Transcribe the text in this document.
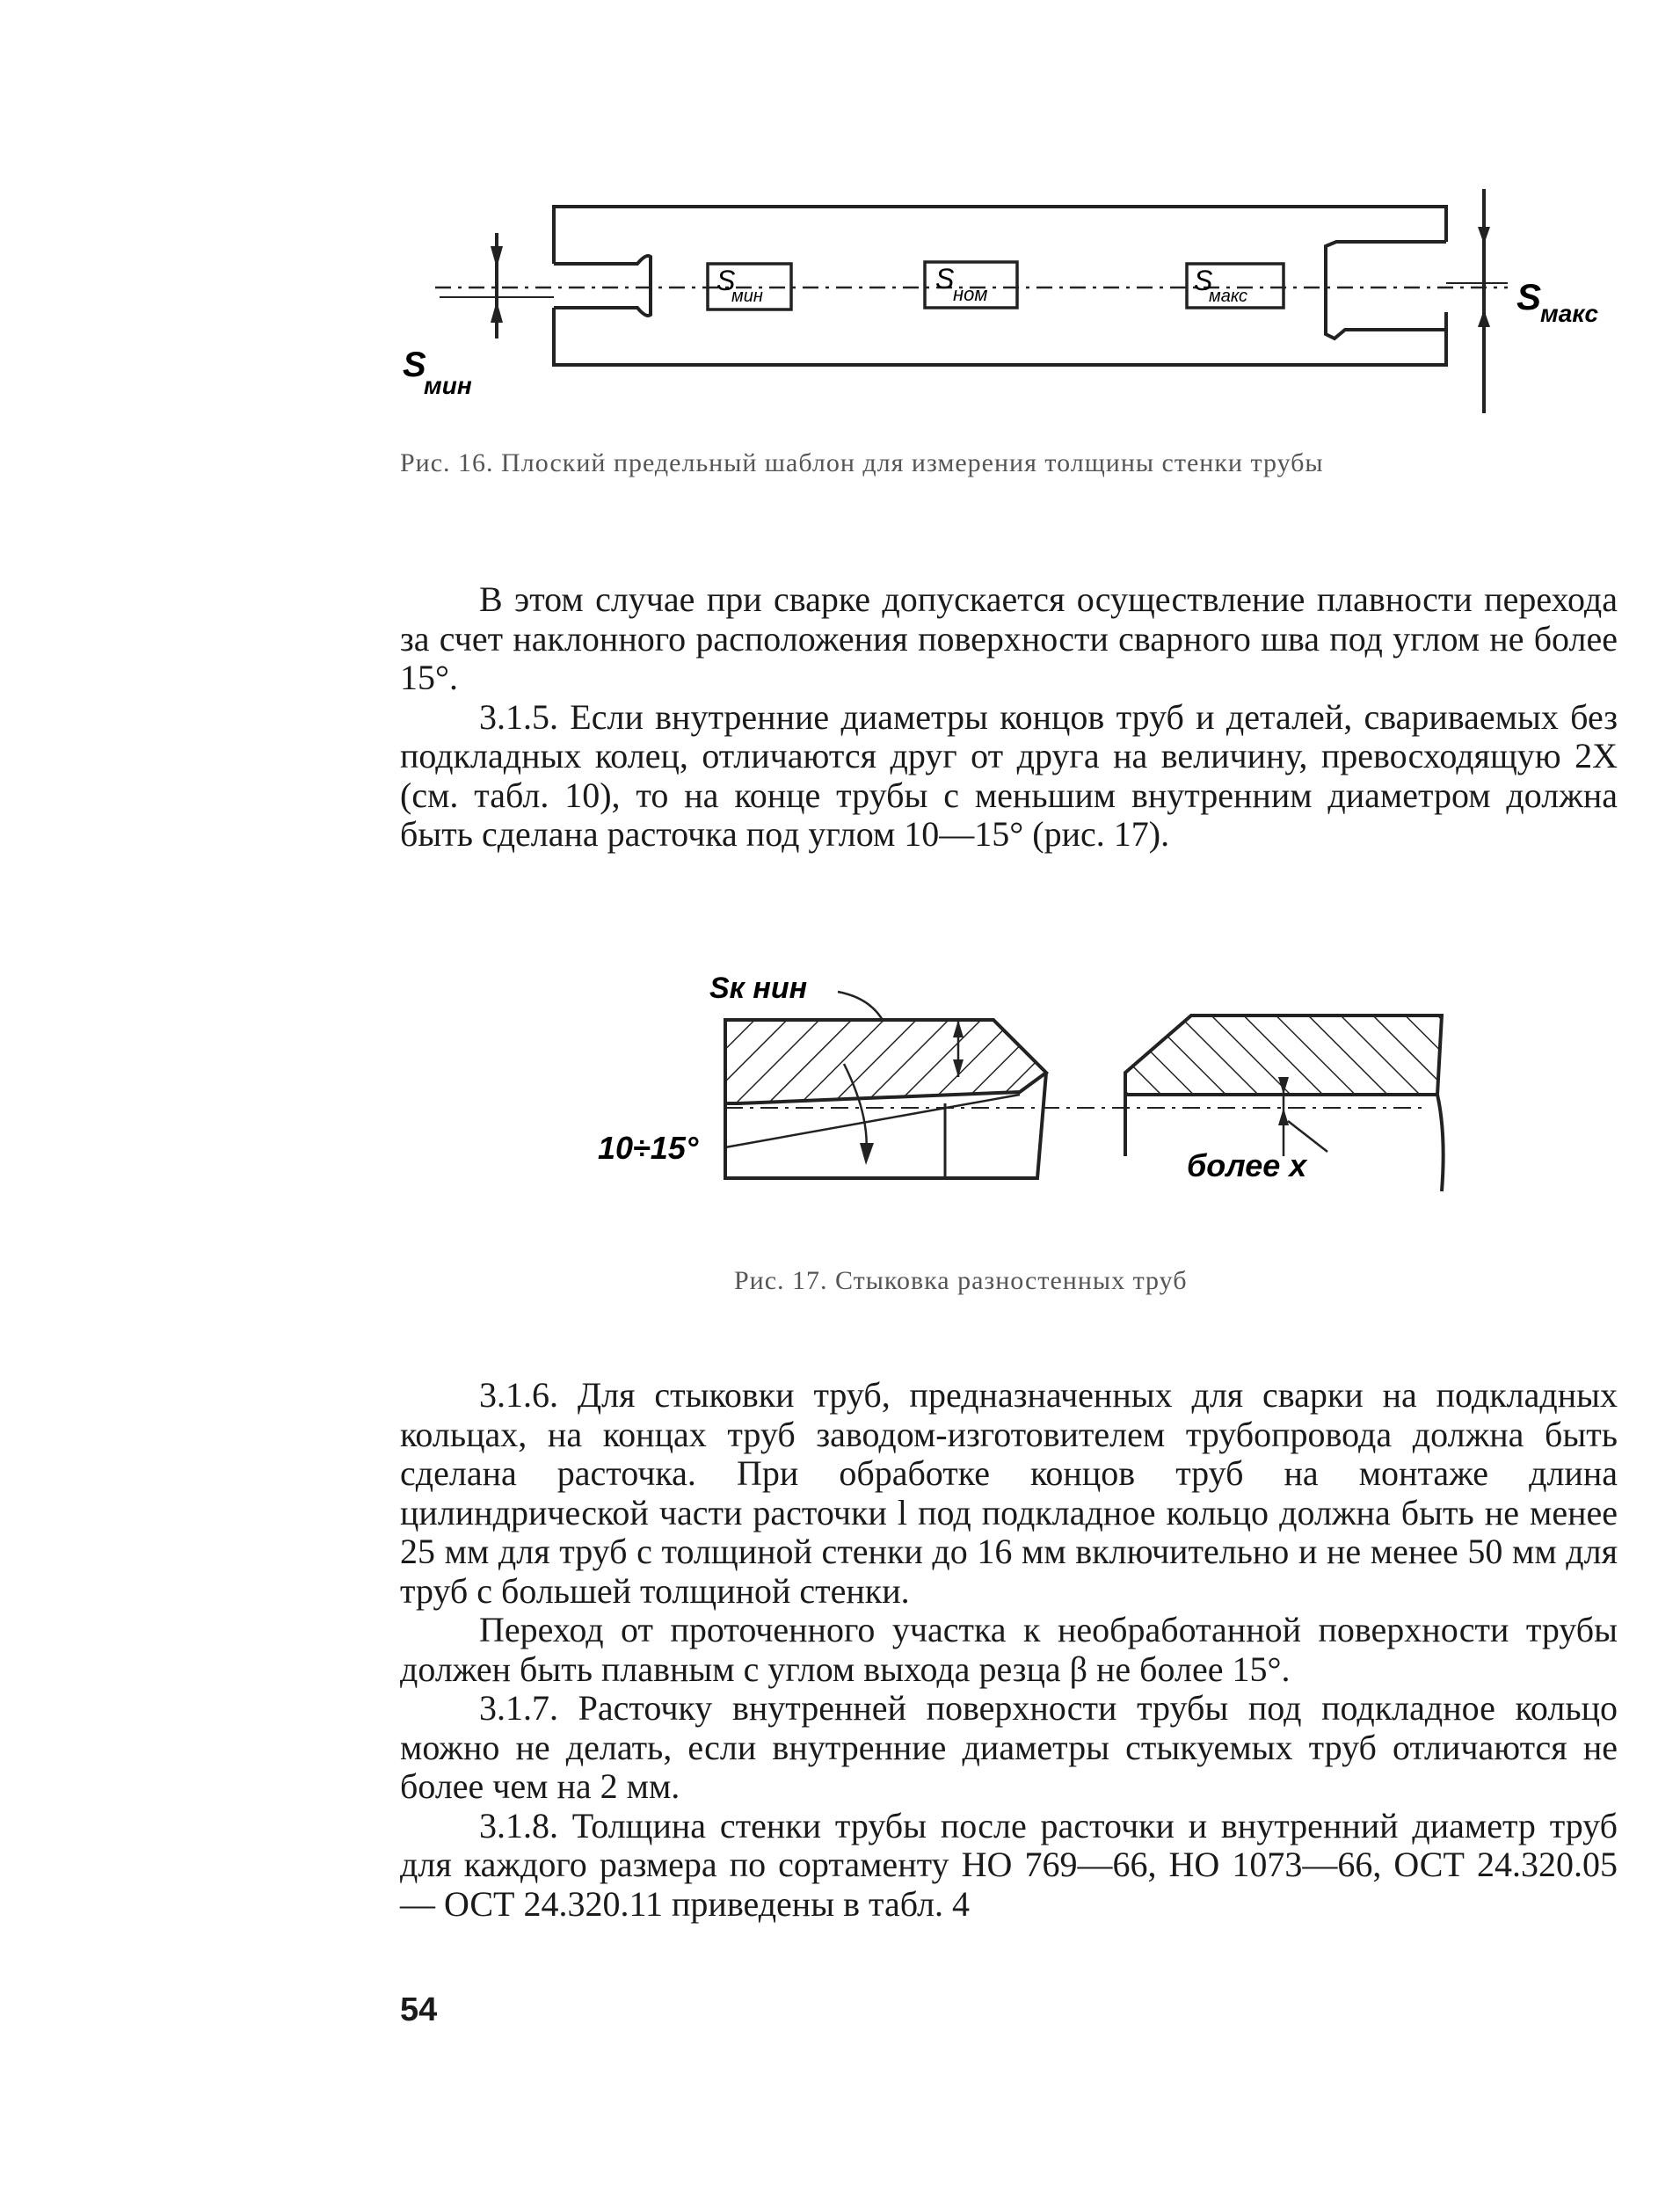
S
мин
S
ном	S
макс
S
мин
S
макс
Рис. 16. Плоский предельный шаблон для измерения толщины стенки трубы

В этом случае при сварке допускается осуществление плавности перехода за счет наклонного расположения поверхности сварного шва под углом не более 15°.

3.1.5. Если внутренние диаметры концов труб и деталей, свариваемых без подкладных колец, отличаются друг от друга на величину, превосходящую 2X (см. табл. 10), то на конце трубы с меньшим внутренним диаметром должна быть сделана расточка под углом 10—15° (рис. 17).

Sк нин
10÷15°	более x
Рис. 17. Стыковка разностенных труб

3.1.6. Для стыковки труб, предназначенных для сварки на подкладных кольцах, на концах труб заводом-изготовителем трубопровода должна быть сделана расточка. При обработке концов труб на монтаже длина цилиндрической части расточки l под подкладное кольцо должна быть не менее 25 мм для труб с толщиной стенки до 16 мм включительно и не менее 50 мм для труб с большей толщиной стенки.

Переход от проточенного участка к необработанной поверхности трубы должен быть плавным с углом выхода резца β не более 15°.

3.1.7. Расточку внутренней поверхности трубы под подкладное кольцо можно не делать, если внутренние диаметры стыкуемых труб отличаются не более чем на 2 мм.

3.1.8. Толщина стенки трубы после расточки и внутренний диаметр труб для каждого размера по сортаменту НО 769—66, НО 1073—66, ОСТ 24.320.05 — ОСТ 24.320.11 приведены в табл. 4

54
